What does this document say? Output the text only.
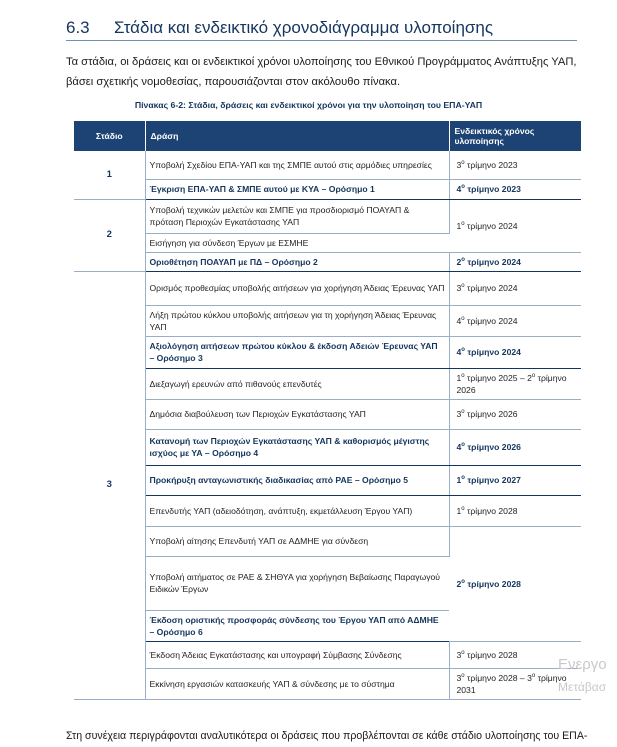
6.3 Στάδια και ενδεικτικό χρονοδιάγραμμα υλοποίησης
Τα στάδια, οι δράσεις και οι ενδεικτικοί χρόνοι υλοποίησης του Εθνικού Προγράμματος Ανάπτυξης ΥΑΠ, βάσει σχετικής νομοθεσίας, παρουσιάζονται στον ακόλουθο πίνακα.
Πίνακας 6-2: Στάδια, δράσεις και ενδεικτικοί χρόνοι για την υλοποίηση του ΕΠΑ-ΥΑΠ
Στάδιο	Δράση	Ενδεικτικός χρόνος υλοποίησης
1	Υποβολή Σχεδίου ΕΠΑ-ΥΑΠ και της ΣΜΠΕ αυτού στις αρμόδιες υπηρεσίες	$3^o$ τρίμηνο 2023
	Έγκριση ΕΠΑ-ΥΑΠ & ΣΜΠΕ αυτού με ΚΥΑ – Ορόσημο 1	$4^o$ τρίμηνο 2023
2	Υποβολή τεχνικών μελετών και ΣΜΠΕ για προσδιορισμό ΠΟΑΥΑΠ & πρόταση Περιοχών Εγκατάστασης ΥΑΠ	$1^o$ τρίμηνο 2024
	Εισήγηση για σύνδεση Έργων με ΕΣΜΗΕ	
	Οριοθέτηση ΠΟΑΥΑΠ με ΠΔ – Ορόσημο 2	$2^o$ τρίμηνο 2024
3	Ορισμός προθεσμίας υποβολής αιτήσεων για χορήγηση Άδειας Έρευνας ΥΑΠ	$3^o$ τρίμηνο 2024
	Λήξη πρώτου κύκλου υποβολής αιτήσεων για τη χορήγηση Άδειας Έρευνας ΥΑΠ	$4^o$ τρίμηνο 2024
	Αξιολόγηση αιτήσεων πρώτου κύκλου & έκδοση Αδειών Έρευνας ΥΑΠ – Ορόσημο 3	$4^o$ τρίμηνο 2024
	Διεξαγωγή ερευνών από πιθανούς επενδυτές	$1^o$ τρίμηνο $2025 - 2^o$ τρίμηνο 2026
	Δημόσια διαβούλευση των Περιοχών Εγκατάστασης ΥΑΠ	$3^o$ τρίμηνο 2026
	Κατανομή των Περιοχών Εγκατάστασης ΥΑΠ & καθορισμός μέγιστης ισχύος με ΥΑ – Ορόσημο 4	$4^o$ τρίμηνο 2026
	Προκήρυξη ανταγωνιστικής διαδικασίας από ΡΑΕ – Ορόσημο 5	$1^o$ τρίμηνο 2027
	Επενδυτής ΥΑΠ (αδειοδότηση, ανάπτυξη, εκμετάλλευση Έργου ΥΑΠ)	$1^o$ τρίμηνο 2028
	Υποβολή αίτησης Επενδυτή ΥΑΠ σε ΑΔΜΗΕ για σύνδεση	$2^o$ τρίμηνο 2028
	Υποβολή αιτήματος σε ΡΑΕ & ΣΗΘΥΑ για χορήγηση Βεβαίωσης Παραγωγού Ειδικών Έργων	
	Έκδοση οριστικής προσφοράς σύνδεσης του Έργου ΥΑΠ από ΑΔΜΗΕ – Ορόσημο 6	
	Έκδοση Άδειας Εγκατάστασης και υπογραφή Σύμβασης Σύνδεσης	$3^o$ τρίμηνο 2028
	Εκκίνηση εργασιών κατασκευής ΥΑΠ & σύνδεσης με το σύστημα	$3^o$ τρίμηνο $2028 - 3^o$ τρίμηνο 2031
Ενεργο
Μετάβασ
Στη συνέχεια περιγράφονται αναλυτικότερα οι δράσεις που προβλέπονται σε κάθε στάδιο υλοποίησης του ΕΠΑ-
